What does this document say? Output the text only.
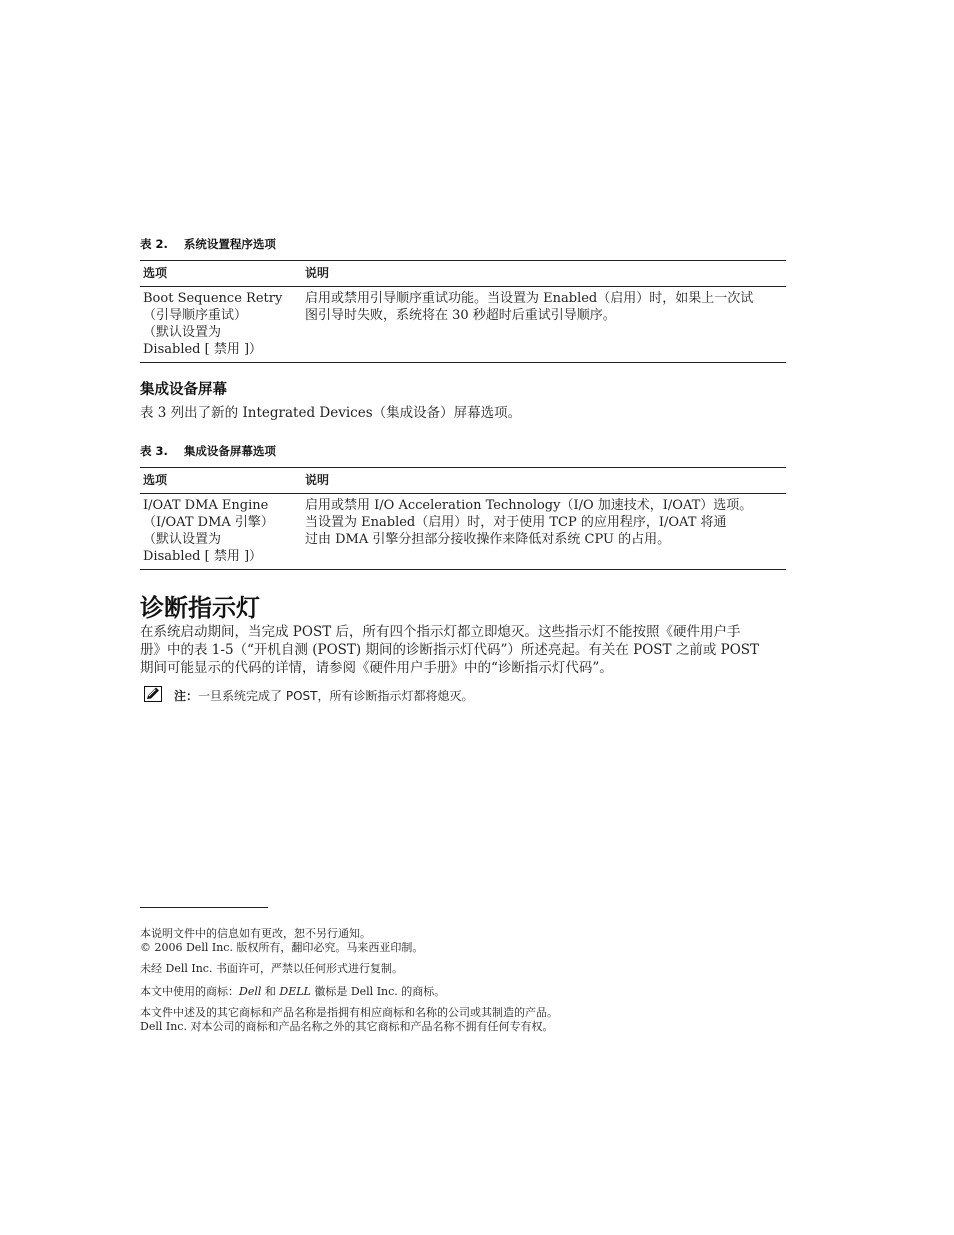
表 2. 系统设置程序选项
选项	说明

Boot Sequence Retry
（引导顺序重试）
（默认设置为
Disabled [ 禁用 ]）	启用或禁用引导顺序重试功能。当设置为 Enabled（启用）时，如果上一次试
图引导时失败，系统将在 30 秒超时后重试引导顺序。
集成设备屏幕

表 3 列出了新的 Integrated Devices（集成设备）屏幕选项。

表 3. 集成设备屏幕选项
选项	说明

I/OAT DMA Engine
（I/OAT DMA 引擎）
（默认设置为
Disabled [ 禁用 ]）	启用或禁用 I/O Acceleration Technology（I/O 加速技术，I/OAT）选项。
当设置为 Enabled（启用）时，对于使用 TCP 的应用程序，I/OAT 将通
过由 DMA 引擎分担部分接收操作来降低对系统 CPU 的占用。
诊断指示灯

在系统启动期间，当完成 POST 后，所有四个指示灯都立即熄灭。这些指示灯不能按照《硬件用户手
册》中的表 1-5（“开机自测 (POST) 期间的诊断指示灯代码”）所述亮起。有关在 POST 之前或 POST
期间可能显示的代码的详情，请参阅《硬件用户手册》中的“诊断指示灯代码”。

注： 一旦系统完成了 POST，所有诊断指示灯都将熄灭。

本说明文件中的信息如有更改，恕不另行通知。
© 2006 Dell Inc. 版权所有，翻印必究。马来西亚印制。

未经 Dell Inc. 书面许可，严禁以任何形式进行复制。

本文中使用的商标：Dell 和 DELL 徽标是 Dell Inc. 的商标。

本文件中述及的其它商标和产品名称是指拥有相应商标和名称的公司或其制造的产品。
Dell Inc. 对本公司的商标和产品名称之外的其它商标和产品名称不拥有任何专有权。
